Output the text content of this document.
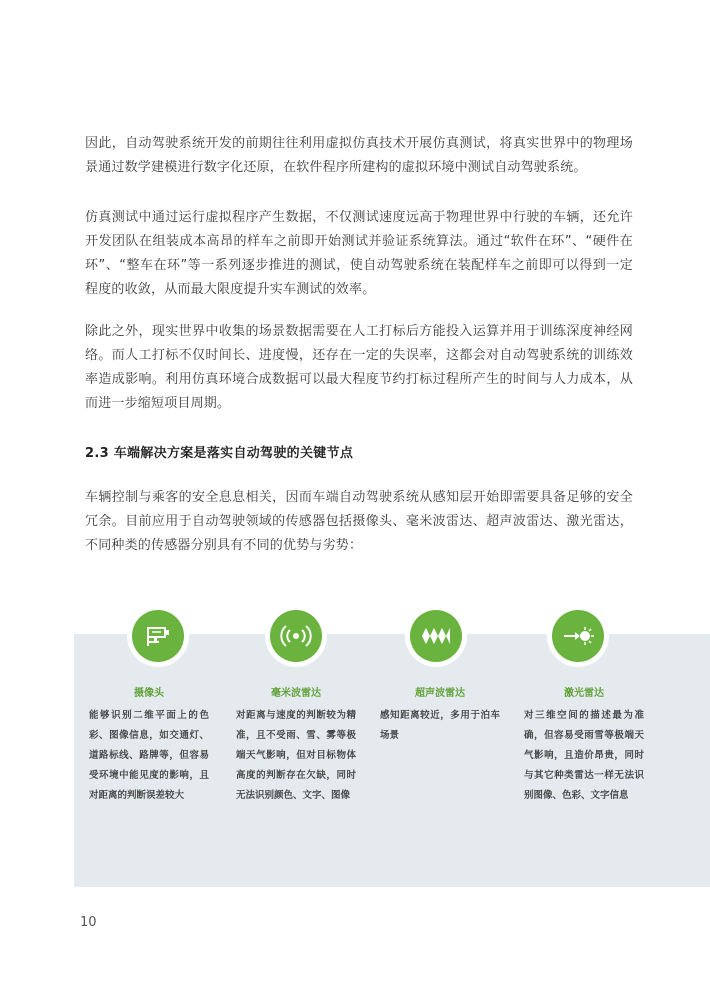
因此，自动驾驶系统开发的前期往往利用虚拟仿真技术开展仿真测试，将真实世界中的物理场景通过数学建模进行数字化还原，在软件程序所建构的虚拟环境中测试自动驾驶系统。

仿真测试中通过运行虚拟程序产生数据，不仅测试速度远高于物理世界中行驶的车辆，还允许开发团队在组装成本高昂的样车之前即开始测试并验证系统算法。通过“软件在环”、“硬件在环”、“整车在环”等一系列逐步推进的测试，使自动驾驶系统在装配样车之前即可以得到一定程度的收敛，从而最大限度提升实车测试的效率。

除此之外，现实世界中收集的场景数据需要在人工打标后方能投入运算并用于训练深度神经网络。而人工打标不仅时间长、进度慢，还存在一定的失误率，这都会对自动驾驶系统的训练效率造成影响。利用仿真环境合成数据可以最大程度节约打标过程所产生的时间与人力成本，从而进一步缩短项目周期。

2.3 车端解决方案是落实自动驾驶的关键节点

车辆控制与乘客的安全息息相关，因而车端自动驾驶系统从感知层开始即需要具备足够的安全冗余。目前应用于自动驾驶领域的传感器包括摄像头、毫米波雷达、超声波雷达、激光雷达，不同种类的传感器分别具有不同的优势与劣势：

摄像头

能够识别二维平面上的色彩、图像信息，如交通灯、道路标线、路牌等，但容易受环境中能见度的影响，且对距离的判断误差较大

毫米波雷达

对距离与速度的判断较为精准，且不受雨、雪、雾等极端天气影响，但对目标物体高度的判断存在欠缺，同时无法识别颜色、文字、图像

超声波雷达

感知距离较近，多用于泊车场景

激光雷达

对三维空间的描述最为准确，但容易受雨雪等极端天气影响，且造价昂贵，同时与其它种类雷达一样无法识别图像、色彩、文字信息

10
